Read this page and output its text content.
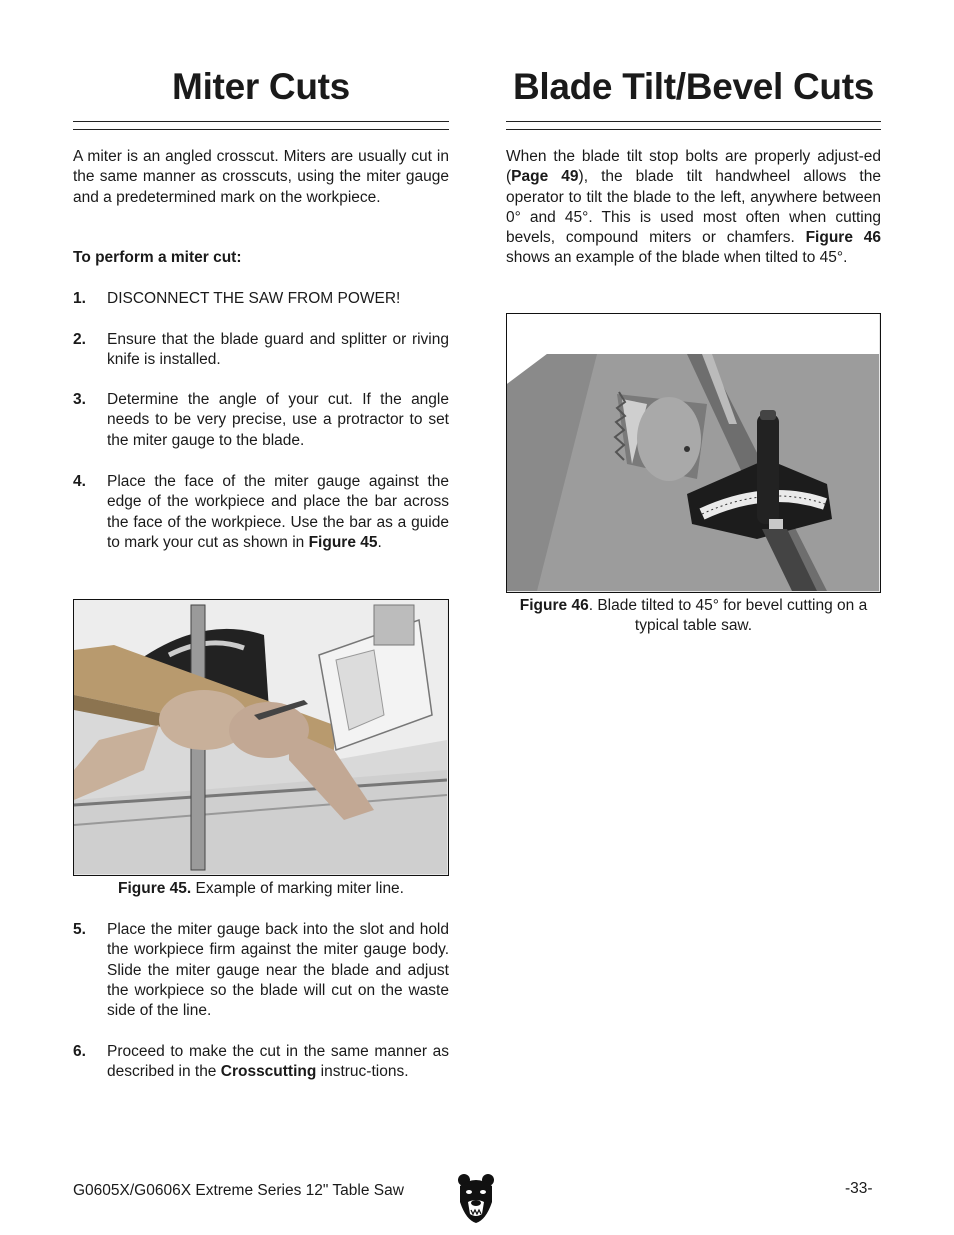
Miter Cuts

A miter is an angled crosscut. Miters are usually cut in the same manner as crosscuts, using the miter gauge and a predetermined mark on the workpiece.

To perform a miter cut:

1. DISCONNECT THE SAW FROM POWER!
2. Ensure that the blade guard and splitter or riving knife is installed.
3. Determine the angle of your cut. If the angle needs to be very precise, use a protractor to set the miter gauge to the blade.
4. Place the face of the miter gauge against the edge of the workpiece and place the bar across the face of the workpiece. Use the bar as a guide to mark your cut as shown in Figure 45.
Figure 45. Example of marking miter line.
5. Place the miter gauge back into the slot and hold the workpiece firm against the miter gauge body. Slide the miter gauge near the blade and adjust the workpiece so the blade will cut on the waste side of the line.
6. Proceed to make the cut in the same manner as described in the Crosscutting instruc-tions.
Blade Tilt/Bevel Cuts

When the blade tilt stop bolts are properly adjust-ed (Page 49), the blade tilt handwheel allows the operator to tilt the blade to the left, anywhere between 0° and 45°. This is used most often when cutting bevels, compound miters or chamfers. Figure 46 shows an example of the blade when tilted to 45°.

Figure 46. Blade tilted to 45° for bevel cutting on a typical table saw.
G0605X/G0606X Extreme Series 12" Table Saw	-33-
